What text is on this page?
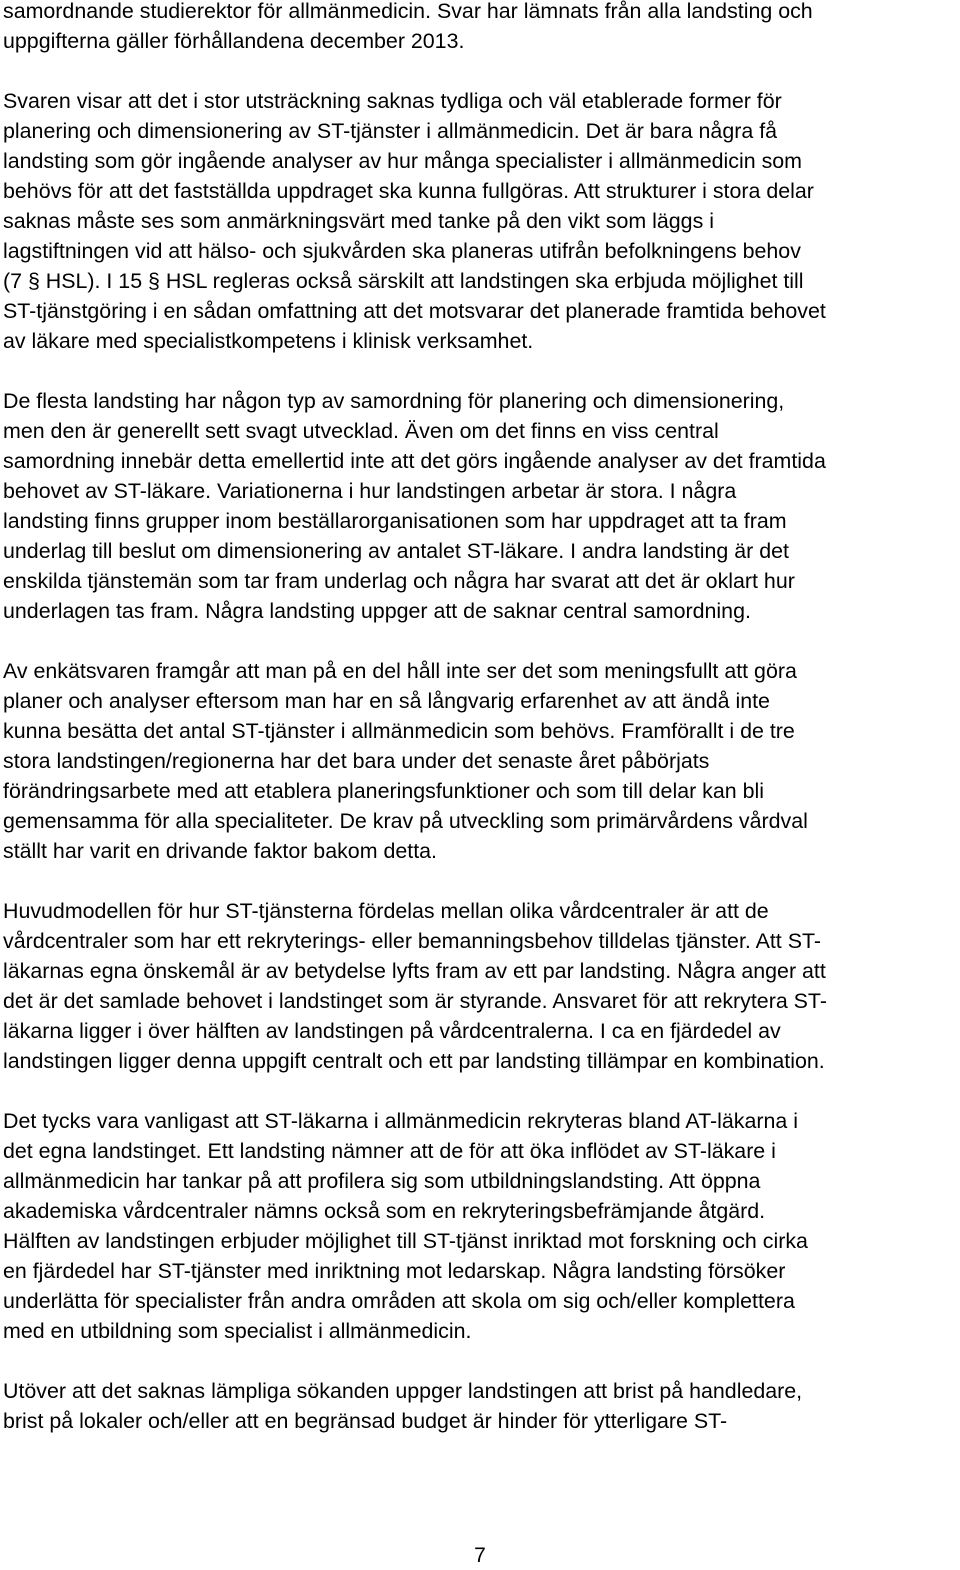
samordnande studierektor för allmänmedicin. Svar har lämnats från alla landsting och
uppgifterna gäller förhållandena december 2013.
Svaren visar att det i stor utsträckning saknas tydliga och väl etablerade former för
planering och dimensionering av ST-tjänster i allmänmedicin. Det är bara några få
landsting som gör ingående analyser av hur många specialister i allmänmedicin som
behövs för att det fastställda uppdraget ska kunna fullgöras. Att strukturer i stora delar
saknas måste ses som anmärkningsvärt med tanke på den vikt som läggs i
lagstiftningen vid att hälso- och sjukvården ska planeras utifrån befolkningens behov
(7 § HSL). I 15 § HSL regleras också särskilt att landstingen ska erbjuda möjlighet till
ST-tjänstgöring i en sådan omfattning att det motsvarar det planerade framtida behovet
av läkare med specialistkompetens i klinisk verksamhet.
De flesta landsting har någon typ av samordning för planering och dimensionering,
men den är generellt sett svagt utvecklad. Även om det finns en viss central
samordning innebär detta emellertid inte att det görs ingående analyser av det framtida
behovet av ST-läkare. Variationerna i hur landstingen arbetar är stora. I några
landsting finns grupper inom beställarorganisationen som har uppdraget att ta fram
underlag till beslut om dimensionering av antalet ST-läkare. I andra landsting är det
enskilda tjänstemän som tar fram underlag och några har svarat att det är oklart hur
underlagen tas fram. Några landsting uppger att de saknar central samordning.
Av enkätsvaren framgår att man på en del håll inte ser det som meningsfullt att göra
planer och analyser eftersom man har en så långvarig erfarenhet av att ändå inte
kunna besätta det antal ST-tjänster i allmänmedicin som behövs. Framförallt i de tre
stora landstingen/regionerna har det bara under det senaste året påbörjats
förändringsarbete med att etablera planeringsfunktioner och som till delar kan bli
gemensamma för alla specialiteter. De krav på utveckling som primärvårdens vårdval
ställt har varit en drivande faktor bakom detta.
Huvudmodellen för hur ST-tjänsterna fördelas mellan olika vårdcentraler är att de
vårdcentraler som har ett rekryterings- eller bemanningsbehov tilldelas tjänster. Att ST-
läkarnas egna önskemål är av betydelse lyfts fram av ett par landsting. Några anger att
det är det samlade behovet i landstinget som är styrande. Ansvaret för att rekrytera ST-
läkarna ligger i över hälften av landstingen på vårdcentralerna. I ca en fjärdedel av
landstingen ligger denna uppgift centralt och ett par landsting tillämpar en kombination.
Det tycks vara vanligast att ST-läkarna i allmänmedicin rekryteras bland AT-läkarna i
det egna landstinget. Ett landsting nämner att de för att öka inflödet av ST-läkare i
allmänmedicin har tankar på att profilera sig som utbildningslandsting. Att öppna
akademiska vårdcentraler nämns också som en rekryteringsbefrämjande åtgärd.
Hälften av landstingen erbjuder möjlighet till ST-tjänst inriktad mot forskning och cirka
en fjärdedel har ST-tjänster med inriktning mot ledarskap. Några landsting försöker
underlätta för specialister från andra områden att skola om sig och/eller komplettera
med en utbildning som specialist i allmänmedicin.
Utöver att det saknas lämpliga sökanden uppger landstingen att brist på handledare,
brist på lokaler och/eller att en begränsad budget är hinder för ytterligare ST-
7
